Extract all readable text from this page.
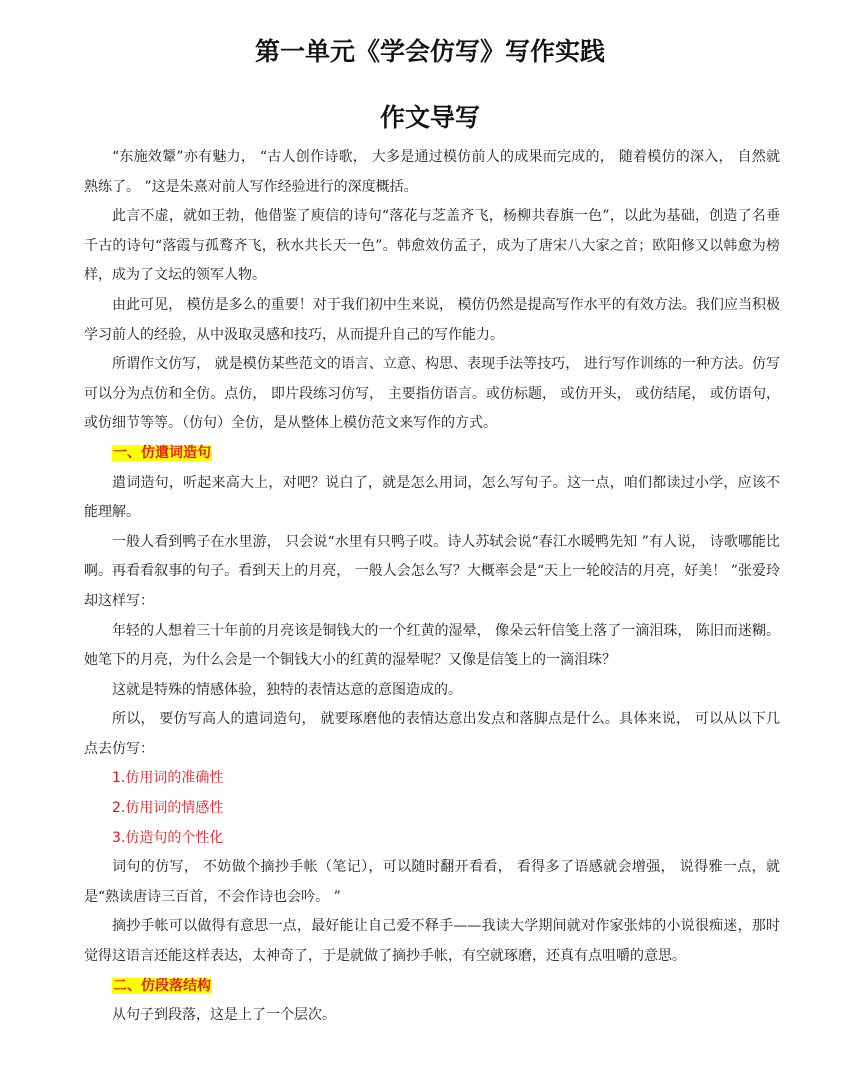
第一单元《学会仿写》写作实践
作文导写

“东施效颦”亦有魅力， “古人创作诗歌， 大多是通过模仿前人的成果而完成的， 随着模仿的深入， 自然就熟练了。 ”这是朱熹对前人写作经验进行的深度概括。

此言不虚，就如王勃，他借鉴了庾信的诗句“落花与芝盖齐飞，杨柳共春旗一色”，以此为基础，创造了名垂千古的诗句“落霞与孤鹜齐飞，秋水共长天一色”。韩愈效仿孟子，成为了唐宋八大家之首；欧阳修又以韩愈为榜样，成为了文坛的领军人物。

由此可见， 模仿是多么的重要！对于我们初中生来说， 模仿仍然是提高写作水平的有效方法。我们应当积极学习前人的经验，从中汲取灵感和技巧，从而提升自己的写作能力。

所谓作文仿写， 就是模仿某些范文的语言、立意、构思、表现手法等技巧， 进行写作训练的一种方法。仿写可以分为点仿和全仿。点仿， 即片段练习仿写， 主要指仿语言。或仿标题， 或仿开头， 或仿结尾， 或仿语句，或仿细节等等。（仿句）全仿，是从整体上模仿范文来写作的方式。

一、仿遣词造句

遣词造句，听起来高大上，对吧？说白了，就是怎么用词，怎么写句子。这一点，咱们都读过小学，应该不能理解。

一般人看到鸭子在水里游， 只会说“水里有只鸭子哎。诗人苏轼会说“春江水暖鸭先知 ”有人说， 诗歌哪能比啊。再看看叙事的句子。看到天上的月亮， 一般人会怎么写？大概率会是“天上一轮皎洁的月亮，好美！ ”张爱玲却这样写：

年轻的人想着三十年前的月亮该是铜钱大的一个红黄的湿晕， 像朵云轩信笺上落了一滴泪珠， 陈旧而迷糊。她笔下的月亮，为什么会是一个铜钱大小的红黄的湿晕呢？又像是信笺上的一滴泪珠？

这就是特殊的情感体验，独特的表情达意的意图造成的。

所以， 要仿写高人的遣词造句， 就要琢磨他的表情达意出发点和落脚点是什么。具体来说， 可以从以下几点去仿写：

1.仿用词的准确性
2.仿用词的情感性
3.仿造句的个性化

词句的仿写， 不妨做个摘抄手帐（笔记），可以随时翻开看看， 看得多了语感就会增强， 说得雅一点，就是“熟读唐诗三百首，不会作诗也会吟。 ”

摘抄手帐可以做得有意思一点，最好能让自己爱不释手——我读大学期间就对作家张炜的小说很痴迷，那时觉得这语言还能这样表达，太神奇了，于是就做了摘抄手帐，有空就琢磨，还真有点咀嚼的意思。

二、仿段落结构

从句子到段落，这是上了一个层次。
